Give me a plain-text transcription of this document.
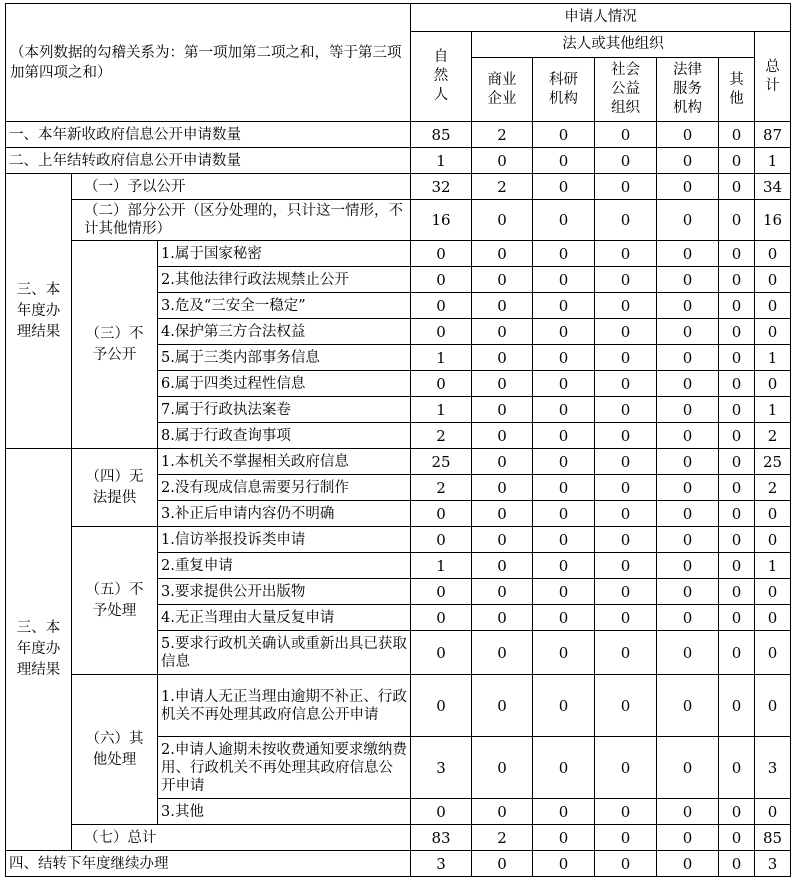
（本列数据的勾稽关系为：第一项加第二项之和，等于第三项加第四项之和）			申请人情况						
			自然人	法人或其他组织					总计
				商业企业	科研机构	社会公益组织	法律服务机构	其他	
一、本年新收政府信息公开申请数量			85	2	0	0	0	0	87
二、上年结转政府信息公开申请数量			1	0	0	0	0	0	1
三、本年度办理结果	（一）予以公开		32	2	0	0	0	0	34
	（二）部分公开（区分处理的，只计这一情形，不计其他情形）		16	0	0	0	0	0	16
	（三）不予公开	1.属于国家秘密	0	0	0	0	0	0	0
		2.其他法律行政法规禁止公开	0	0	0	0	0	0	0
		3.危及“三安全一稳定”	0	0	0	0	0	0	0
		4.保护第三方合法权益	0	0	0	0	0	0	0
		5.属于三类内部事务信息	1	0	0	0	0	0	1
		6.属于四类过程性信息	0	0	0	0	0	0	0
		7.属于行政执法案卷	1	0	0	0	0	0	1
		8.属于行政查询事项	2	0	0	0	0	0	2
三、本年度办理结果	（四）无法提供	1.本机关不掌握相关政府信息	25	0	0	0	0	0	25
		2.没有现成信息需要另行制作	2	0	0	0	0	0	2
		3.补正后申请内容仍不明确	0	0	0	0	0	0	0
	（五）不予处理	1.信访举报投诉类申请	0	0	0	0	0	0	0
		2.重复申请	1	0	0	0	0	0	1
		3.要求提供公开出版物	0	0	0	0	0	0	0
		4.无正当理由大量反复申请	0	0	0	0	0	0	0
		5.要求行政机关确认或重新出具已获取信息	0	0	0	0	0	0	0
	（六）其他处理	1.申请人无正当理由逾期不补正、行政机关不再处理其政府信息公开申请	0	0	0	0	0	0	0
		2.申请人逾期未按收费通知要求缴纳费用、行政机关不再处理其政府信息公开申请	3	0	0	0	0	0	3
		3.其他	0	0	0	0	0	0	0
	（七）总计		83	2	0	0	0	0	85
四、结转下年度继续办理			3	0	0	0	0	0	3
